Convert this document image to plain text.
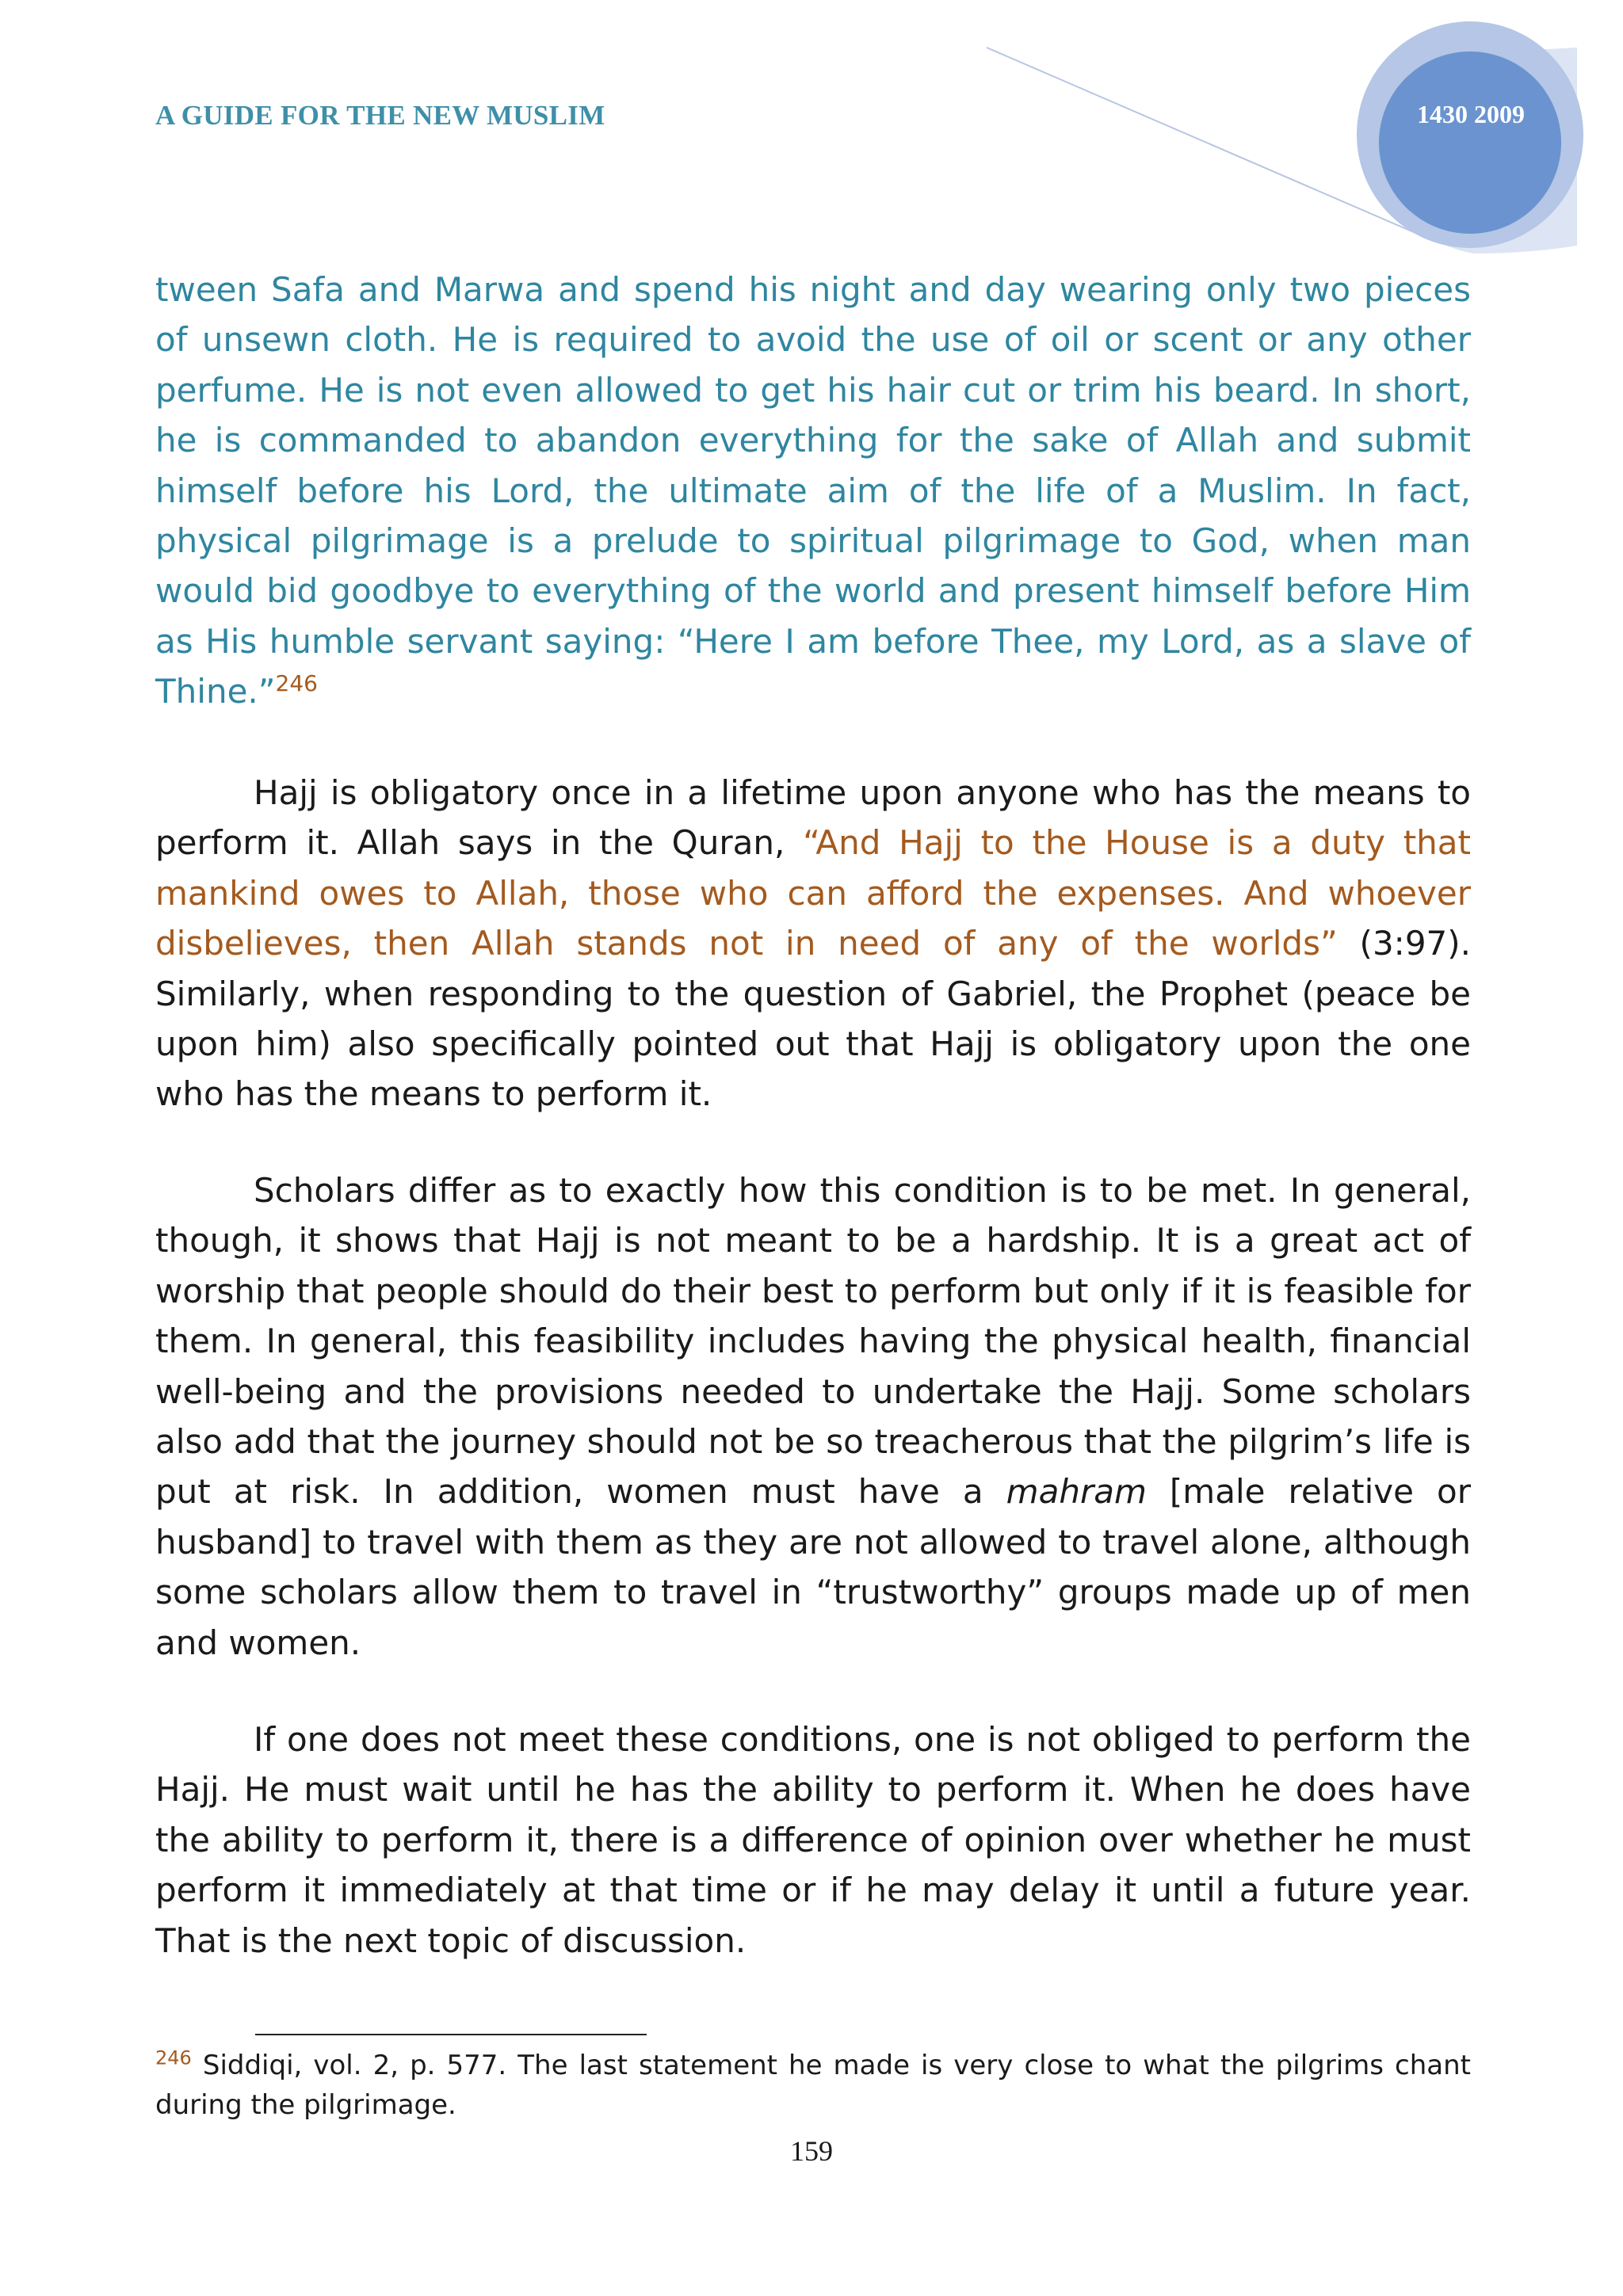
A GUIDE FOR THE NEW MUSLIM	1430 2009

tween Safa and Marwa and spend his night and day wearing only two pieces of unsewn cloth. He is required to avoid the use of oil or scent or any other perfume. He is not even allowed to get his hair cut or trim his beard. In short, he is commanded to abandon everything for the sake of Allah and submit himself before his Lord, the ultimate aim of the life of a Muslim. In fact, physical pilgrimage is a prelude to spiritual pilgrimage to God, when man would bid goodbye to everything of the world and present himself before Him as His humble servant saying: “Here I am before Thee, my Lord, as a slave of Thine.”$^{246}$

Hajj is obligatory once in a lifetime upon anyone who has the means to perform it. Allah says in the Quran, “And Hajj to the House is a duty that mankind owes to Allah, those who can afford the expenses. And whoever disbelieves, then Allah stands not in need of any of the worlds” (3:97). Similarly, when responding to the question of Gabriel, the Prophet (peace be upon him) also specifically pointed out that Hajj is obligatory upon the one who has the means to perform it.

Scholars differ as to exactly how this condition is to be met. In general, though, it shows that Hajj is not meant to be a hardship. It is a great act of worship that people should do their best to perform but only if it is feasible for them. In general, this feasibility includes having the physical health, financial well-being and the provisions needed to undertake the Hajj. Some scholars also add that the journey should not be so treacherous that the pilgrim’s life is put at risk. In addition, women must have a mahram [male relative or husband] to travel with them as they are not allowed to travel alone, although some scholars allow them to travel in “trustworthy” groups made up of men and women.

If one does not meet these conditions, one is not obliged to perform the Hajj. He must wait until he has the ability to perform it. When he does have the ability to perform it, there is a difference of opinion over whether he must perform it immediately at that time or if he may delay it until a future year. That is the next topic of discussion.

$^{246}$ Siddiqi, vol. 2, p. 577. The last statement he made is very close to what the pilgrims chant during the pilgrimage.

159
